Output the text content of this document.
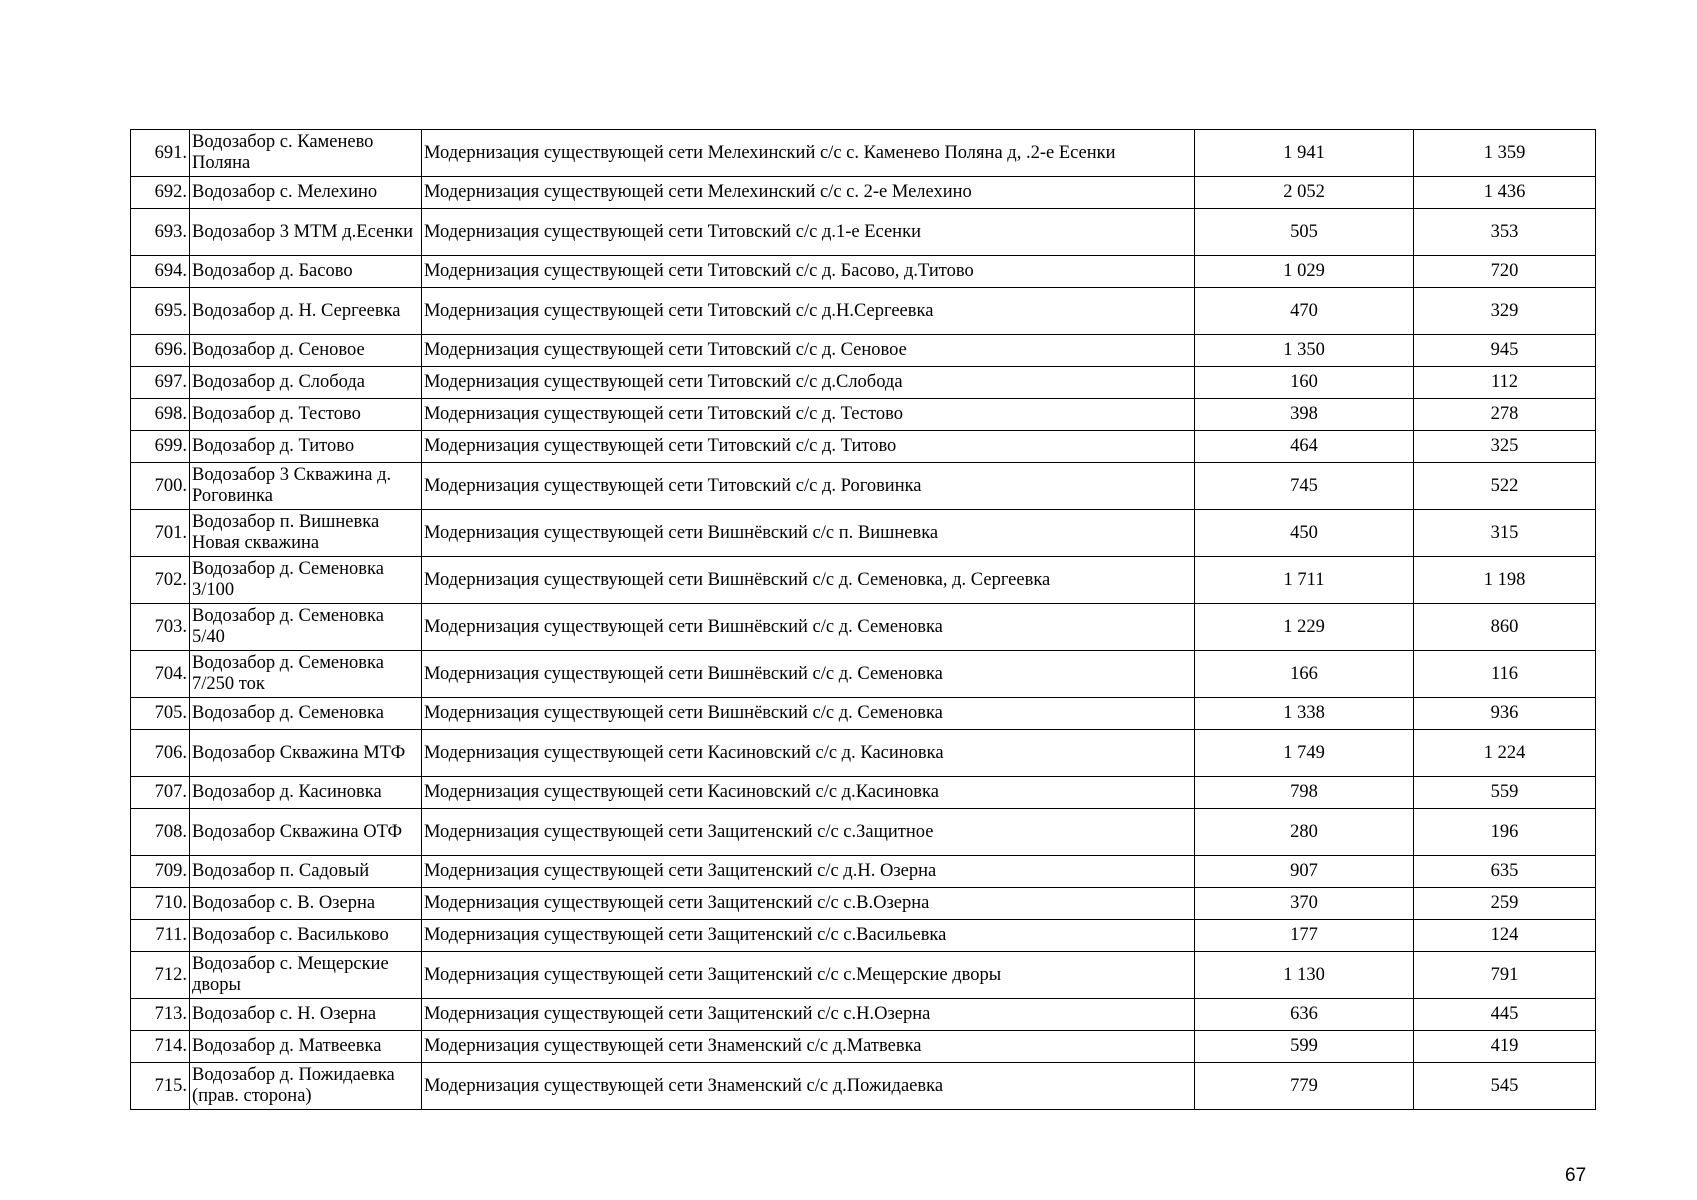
691.	Водозабор с. Каменево Поляна	Модернизация существующей сети Мелехинский с/с с. Каменево Поляна д, .2-е Есенки	1 941	1 359
692.	Водозабор с. Мелехино	Модернизация существующей сети Мелехинский с/с с. 2-е Мелехино	2 052	1 436
693.	Водозабор 3 МТМ д.Есенки	Модернизация существующей сети Титовский с/с д.1-е Есенки	505	353
694.	Водозабор д. Басово	Модернизация существующей сети Титовский с/с д. Басово, д.Титово	1 029	720
695.	Водозабор д. Н. Сергеевка	Модернизация существующей сети Титовский с/с д.Н.Сергеевка	470	329
696.	Водозабор д. Сеновое	Модернизация существующей сети Титовский с/с д. Сеновое	1 350	945
697.	Водозабор д. Слобода	Модернизация существующей сети Титовский с/с д.Слобода	160	112
698.	Водозабор д. Тестово	Модернизация существующей сети Титовский с/с д. Тестово	398	278
699.	Водозабор д. Титово	Модернизация существующей сети Титовский с/с д. Титово	464	325
700.	Водозабор 3 Скважина д. Роговинка	Модернизация существующей сети Титовский с/с д. Роговинка	745	522
701.	Водозабор п. Вишневка Новая скважина	Модернизация существующей сети Вишнёвский с/с п. Вишневка	450	315
702.	Водозабор д. Семеновка 3/100	Модернизация существующей сети Вишнёвский с/с д. Семеновка, д. Сергеевка	1 711	1 198
703.	Водозабор д. Семеновка 5/40	Модернизация существующей сети Вишнёвский с/с д. Семеновка	1 229	860
704.	Водозабор д. Семеновка 7/250 ток	Модернизация существующей сети Вишнёвский с/с д. Семеновка	166	116
705.	Водозабор д. Семеновка	Модернизация существующей сети Вишнёвский с/с д. Семеновка	1 338	936
706.	Водозабор Скважина МТФ	Модернизация существующей сети Касиновский с/с д. Касиновка	1 749	1 224
707.	Водозабор д. Касиновка	Модернизация существующей сети Касиновский с/с д.Касиновка	798	559
708.	Водозабор Скважина ОТФ	Модернизация существующей сети Защитенский с/с с.Защитное	280	196
709.	Водозабор п. Садовый	Модернизация существующей сети Защитенский с/с д.Н. Озерна	907	635
710.	Водозабор с. В. Озерна	Модернизация существующей сети Защитенский с/с с.В.Озерна	370	259
711.	Водозабор с. Васильково	Модернизация существующей сети Защитенский с/с с.Васильевка	177	124
712.	Водозабор с. Мещерские дворы	Модернизация существующей сети Защитенский с/с с.Мещерские дворы	1 130	791
713.	Водозабор с. Н. Озерна	Модернизация существующей сети Защитенский с/с с.Н.Озерна	636	445
714.	Водозабор д. Матвеевка	Модернизация существующей сети Знаменский с/с д.Матвевка	599	419
715.	Водозабор д. Пожидаевка (прав. сторона)	Модернизация существующей сети Знаменский с/с д.Пожидаевка	779	545
67
